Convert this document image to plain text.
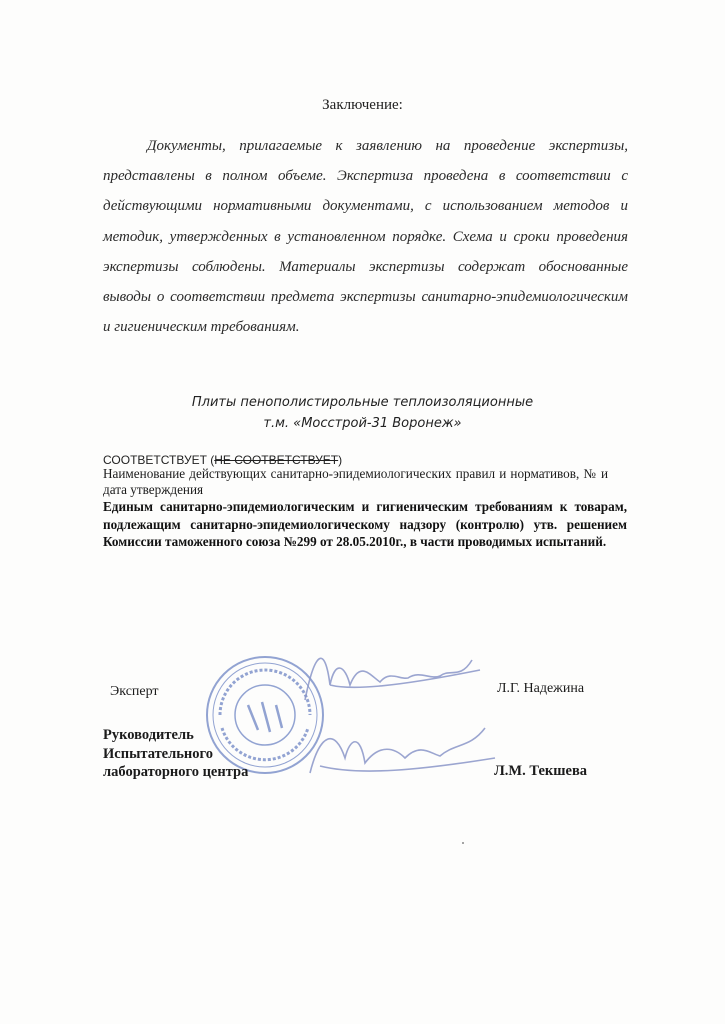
Заключение:

Документы, прилагаемые к заявлению на проведение экспертизы, представлены в полном объеме. Экспертиза проведена в соответствии с действующими нормативными документами, с использованием методов и методик, утвержденных в установленном порядке. Схема и сроки проведения экспертизы соблюдены. Материалы экспертизы содержат обоснованные выводы о соответствии предмета экспертизы санитарно-эпидемиологическим и гигиеническим требованиям.

Плиты пенополистирольные теплоизоляционные
т.м. «Мосстрой-31 Воронеж»
СООТВЕТСТВУЕТ (НЕ СООТВЕТСТВУЕТ)

Наименование действующих санитарно-эпидемиологических правил и нормативов, № и дата утверждения

Единым санитарно-эпидемиологическим и гигиеническим требованиям к товарам, подлежащим санитарно-эпидемиологическому надзору (контролю) утв. решением Комиссии таможенного союза №299 от 28.05.2010г., в части проводимых испытаний.

Эксперт	Л.Г. Надежина

Руководитель
Испытательного
лабораторного центра	Л.М. Текшева
